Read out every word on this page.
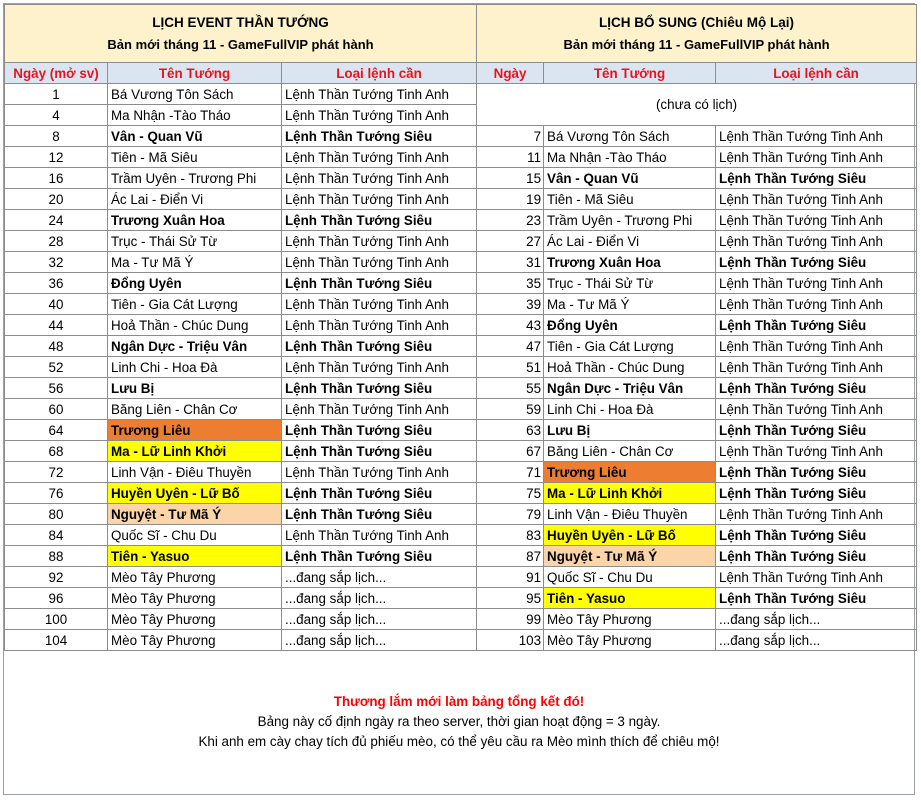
LỊCH EVENT THẦN TƯỚNG
Bản mới tháng 11 - GameFullVIP phát hành			LỊCH BỔ SUNG (Chiêu Mộ Lại)
Bản mới tháng 11 - GameFullVIP phát hành		

Ngày (mở sv)	Tên Tướng	Loại lệnh cần	Ngày	Tên Tướng	Loại lệnh cần
1	Bá Vương Tôn Sách	Lệnh Thần Tướng Tinh Anh	(chưa có lịch)		
4	Ma Nhận -Tào Tháo	Lệnh Thần Tướng Tinh Anh			
8	Vân - Quan Vũ	Lệnh Thần Tướng Siêu	7	Bá Vương Tôn Sách	Lệnh Thần Tướng Tinh Anh
12	Tiên - Mã Siêu	Lệnh Thần Tướng Tinh Anh	11	Ma Nhận -Tào Tháo	Lệnh Thần Tướng Tinh Anh
16	Trầm Uyên - Trương Phi	Lệnh Thần Tướng Tinh Anh	15	Vân - Quan Vũ	Lệnh Thần Tướng Siêu
20	Ác Lai - Điển Vi	Lệnh Thần Tướng Tinh Anh	19	Tiên - Mã Siêu	Lệnh Thần Tướng Tinh Anh
24	Trương Xuân Hoa	Lệnh Thần Tướng Siêu	23	Trầm Uyên - Trương Phi	Lệnh Thần Tướng Tinh Anh
28	Trục - Thái Sử Từ	Lệnh Thần Tướng Tinh Anh	27	Ác Lai - Điển Vi	Lệnh Thần Tướng Tinh Anh
32	Ma - Tư Mã Ý	Lệnh Thần Tướng Tinh Anh	31	Trương Xuân Hoa	Lệnh Thần Tướng Siêu
36	Đổng Uyên	Lệnh Thần Tướng Siêu	35	Trục - Thái Sử Từ	Lệnh Thần Tướng Tinh Anh
40	Tiên - Gia Cát Lượng	Lệnh Thần Tướng Tinh Anh	39	Ma - Tư Mã Ý	Lệnh Thần Tướng Tinh Anh
44	Hoả Thần - Chúc Dung	Lệnh Thần Tướng Tinh Anh	43	Đổng Uyên	Lệnh Thần Tướng Siêu
48	Ngân Dực - Triệu Vân	Lệnh Thần Tướng Siêu	47	Tiên - Gia Cát Lượng	Lệnh Thần Tướng Tinh Anh
52	Linh Chi - Hoa Đà	Lệnh Thần Tướng Tinh Anh	51	Hoả Thần - Chúc Dung	Lệnh Thần Tướng Tinh Anh
56	Lưu Bị	Lệnh Thần Tướng Siêu	55	Ngân Dực - Triệu Vân	Lệnh Thần Tướng Siêu
60	Băng Liên - Chân Cơ	Lệnh Thần Tướng Tinh Anh	59	Linh Chi - Hoa Đà	Lệnh Thần Tướng Tinh Anh
64	Trương Liêu	Lệnh Thần Tướng Siêu	63	Lưu Bị	Lệnh Thần Tướng Siêu
68	Ma - Lữ Linh Khởi	Lệnh Thần Tướng Siêu	67	Băng Liên - Chân Cơ	Lệnh Thần Tướng Tinh Anh
72	Linh Vận - Điêu Thuyền	Lệnh Thần Tướng Tinh Anh	71	Trương Liêu	Lệnh Thần Tướng Siêu
76	Huyền Uyên - Lữ Bố	Lệnh Thần Tướng Siêu	75	Ma - Lữ Linh Khởi	Lệnh Thần Tướng Siêu
80	Nguyệt - Tư Mã Ý	Lệnh Thần Tướng Siêu	79	Linh Vận - Điêu Thuyền	Lệnh Thần Tướng Tinh Anh
84	Quốc Sĩ - Chu Du	Lệnh Thần Tướng Tinh Anh	83	Huyền Uyên - Lữ Bố	Lệnh Thần Tướng Siêu
88	Tiên - Yasuo	Lệnh Thần Tướng Siêu	87	Nguyệt - Tư Mã Ý	Lệnh Thần Tướng Siêu
92	Mèo Tây Phương	...đang sắp lịch...	91	Quốc Sĩ - Chu Du	Lệnh Thần Tướng Tinh Anh
96	Mèo Tây Phương	...đang sắp lịch...	95	Tiên - Yasuo	Lệnh Thần Tướng Siêu
100	Mèo Tây Phương	...đang sắp lịch...	99	Mèo Tây Phương	...đang sắp lịch...
104	Mèo Tây Phương	...đang sắp lịch...	103	Mèo Tây Phương	...đang sắp lịch...
Thương lắm mới làm bảng tổng kết đó!
Bảng này cố định ngày ra theo server, thời gian hoạt động = 3 ngày.
Khi anh em cày chay tích đủ phiếu mèo, có thể yêu cầu ra Mèo mình thích để chiêu mộ!
